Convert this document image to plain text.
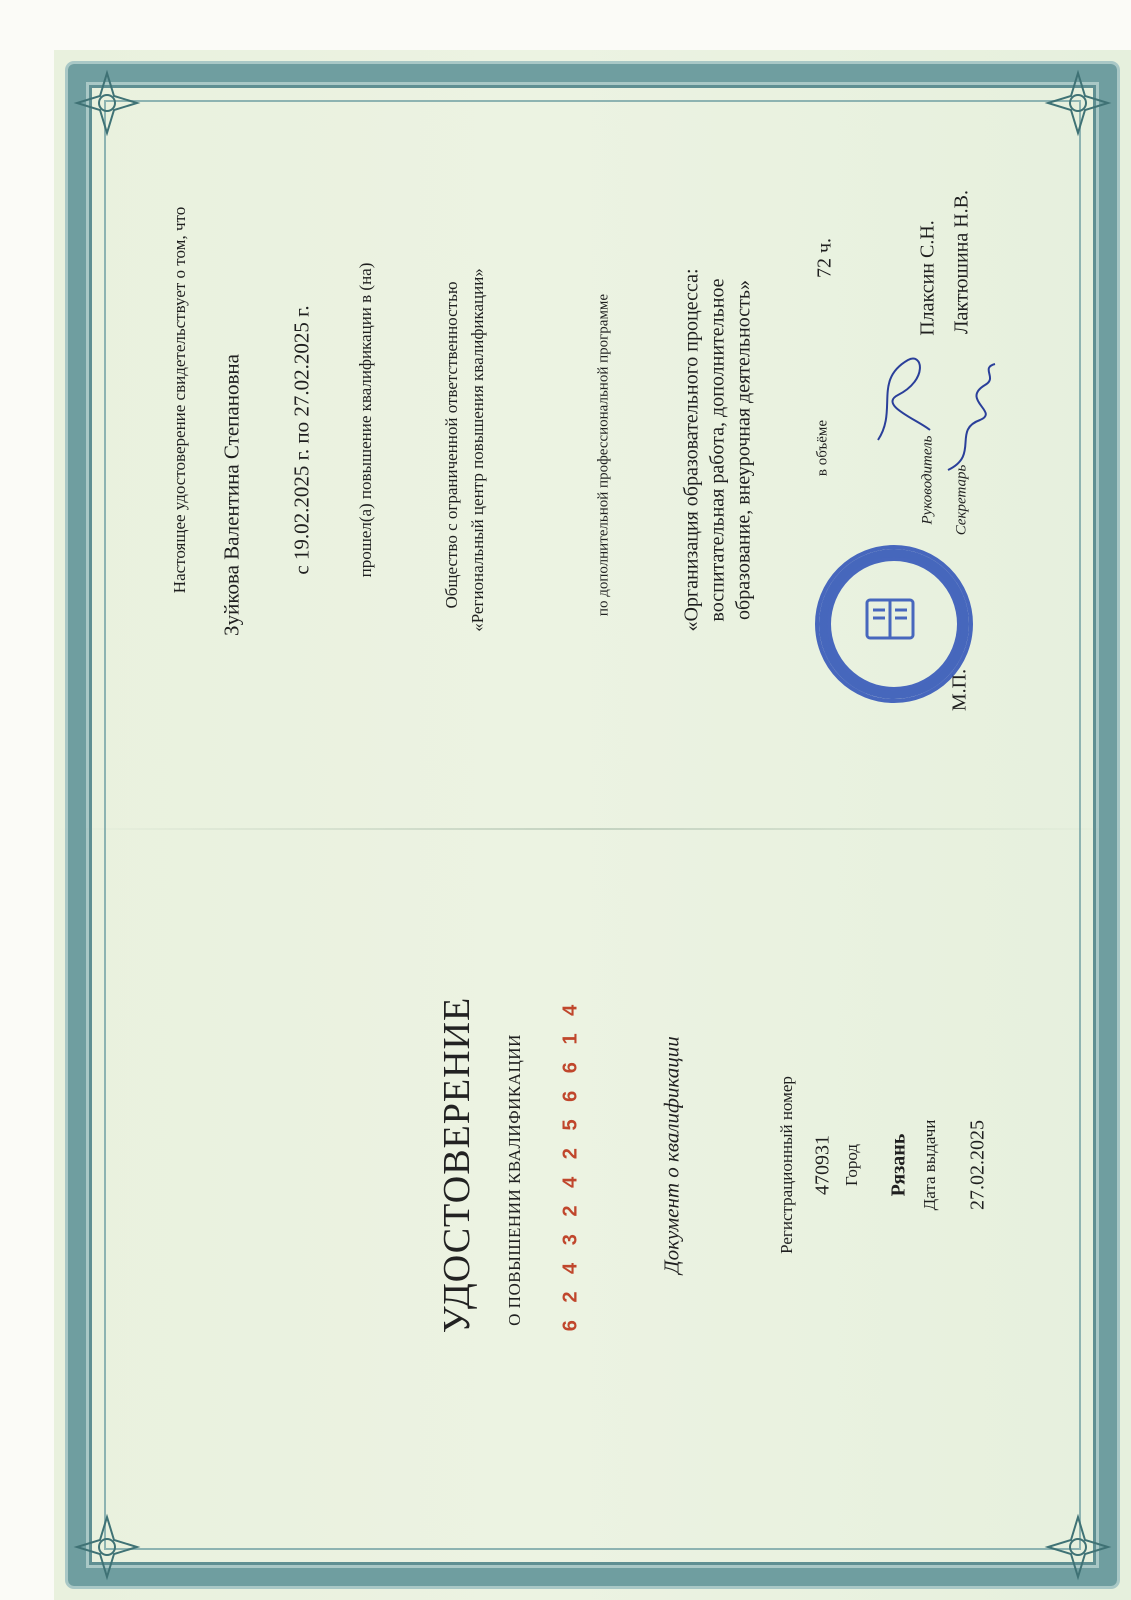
Настоящее удостоверение свидетельствует о том, что Зуйкова Валентина Степановна с 19.02.2025 г. по 27.02.2025 г.	прошел(а) повышение квалификации в (на)	Общество с ограниченной ответственностью «Региональный центр повышения квалификации»	по дополнительной профессиональной программе	«Организация образовательного процесса: воспитательная работа, дополнительное образование, внеурочная деятельность»	в объёме
72 ч.
Руководитель
Плаксин С.Н.
Секретарь
Лактюшина Н.В.
М.П.
УДОСТОВЕРЕНИЕ О ПОВЫШЕНИИ КВАЛИФИКАЦИИ 6 2 4 3 2 4 2 5 6 6 1 4	Документ о квалификации	Регистрационный номер 470931 Город Рязань Дата выдачи 27.02.2025
